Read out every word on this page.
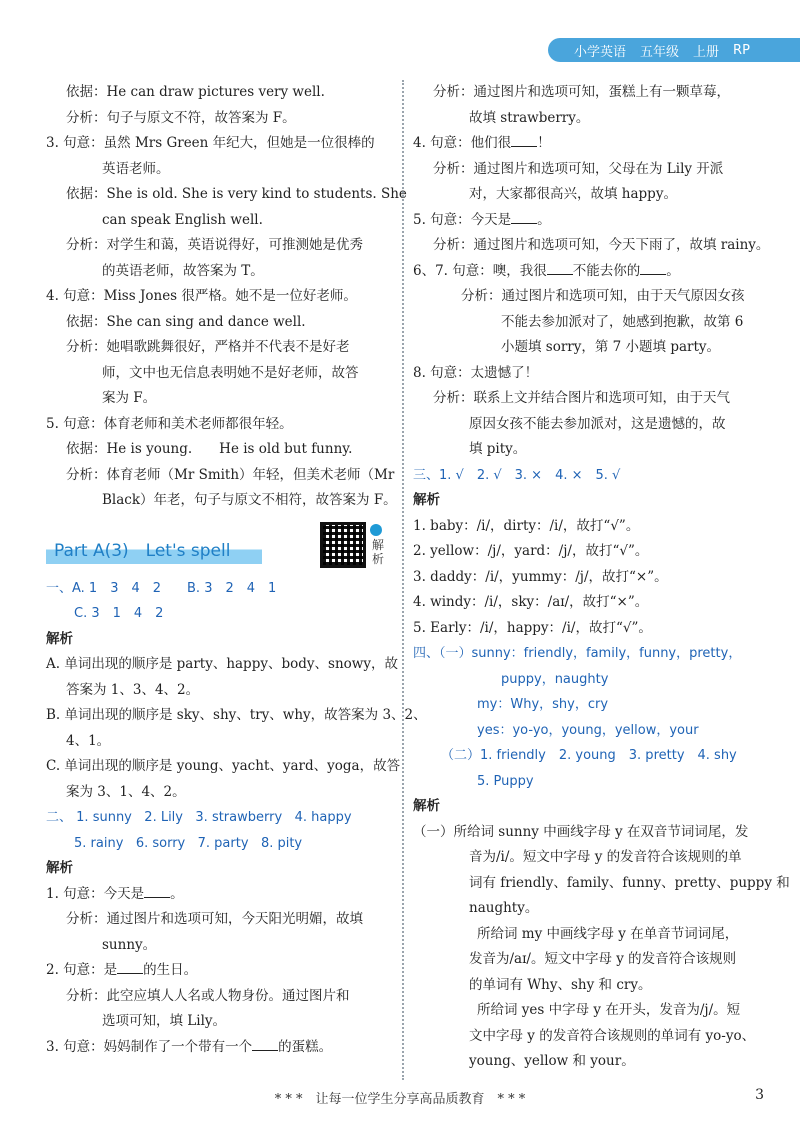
小学英语 五年级 上册 RP
依据：He can draw pictures very well.
分析：句子与原文不符，故答案为 F。
3. 句意：虽然 Mrs Green 年纪大，但她是一位很棒的
英语老师。
依据：She is old. She is very kind to students. She
can speak English well.
分析：对学生和蔼，英语说得好，可推测她是优秀
的英语老师，故答案为 T。
4. 句意：Miss Jones 很严格。她不是一位好老师。
依据：She can sing and dance well.
分析：她唱歌跳舞很好，严格并不代表不是好老
师，文中也无信息表明她不是好老师，故答
案为 F。
5. 句意：体育老师和美术老师都很年轻。
依据：He is young.　　He is old but funny.
分析：体育老师（Mr Smith）年轻，但美术老师（Mr
Black）年老，句子与原文不相符，故答案为 F。
Part A(3)　Let's spell	解析
一、A. 1　3　4　2　　B. 3　2　4　1
C. 3　1　4　2
解析
A. 单词出现的顺序是 party、happy、body、snowy，故
答案为 1、3、4、2。
B. 单词出现的顺序是 sky、shy、try、why，故答案为 3、2、
4、1。
C. 单词出现的顺序是 young、yacht、yard、yoga，故答
案为 3、1、4、2。
二、 1. sunny 2. Lily 3. strawberry 4. happy
5. rainy 6. sorry 7. party 8. pity
解析
1. 句意：今天是 。
分析：通过图片和选项可知，今天阳光明媚，故填
sunny。
2. 句意：是 的生日。
分析：此空应填人人名或人物身份。通过图片和
选项可知，填 Lily。
3. 句意：妈妈制作了一个带有一个 的蛋糕。
分析：通过图片和选项可知，蛋糕上有一颗草莓，
故填 strawberry。
4. 句意：他们很 ！
分析：通过图片和选项可知，父母在为 Lily 开派
对，大家都很高兴，故填 happy。
5. 句意：今天是 。
分析：通过图片和选项可知，今天下雨了，故填 rainy。
6、7. 句意：噢，我很 不能去你的 。
分析：通过图片和选项可知，由于天气原因女孩
不能去参加派对了，她感到抱歉，故第 6
小题填 sorry，第 7 小题填 party。
8. 句意：太遗憾了！
分析：联系上文并结合图片和选项可知，由于天气
原因女孩不能去参加派对，这是遗憾的，故
填 pity。
三、1. √　2. √　3. ×　4. ×　5. √
解析
1. baby：/i/，dirty：/i/，故打“√”。
2. yellow：/j/，yard：/j/，故打“√”。
3. daddy：/i/，yummy：/j/，故打“×”。
4. windy：/i/，sky：/aɪ/，故打“×”。
5. Early：/i/，happy：/i/，故打“√”。
四、（一）sunny：friendly，family，funny，pretty，
puppy，naughty
my：Why，shy，cry
yes：yo-yo，young，yellow，your
（二）1. friendly　2. young　3. pretty　4. shy
5. Puppy
解析
（一）所给词 sunny 中画线字母 y 在双音节词词尾，发
音为/i/。短文中字母 y 的发音符合该规则的单
词有 friendly、family、funny、pretty、puppy 和
naughty。
所给词 my 中画线字母 y 在单音节词词尾，
发音为/aɪ/。短文中字母 y 的发音符合该规则
的单词有 Why、shy 和 cry。
所给词 yes 中字母 y 在开头，发音为/j/。短
文中字母 y 的发音符合该规则的单词有 yo-yo、
young、yellow 和 your。
* * *　让每一位学生分享高品质教育　* * *	3
